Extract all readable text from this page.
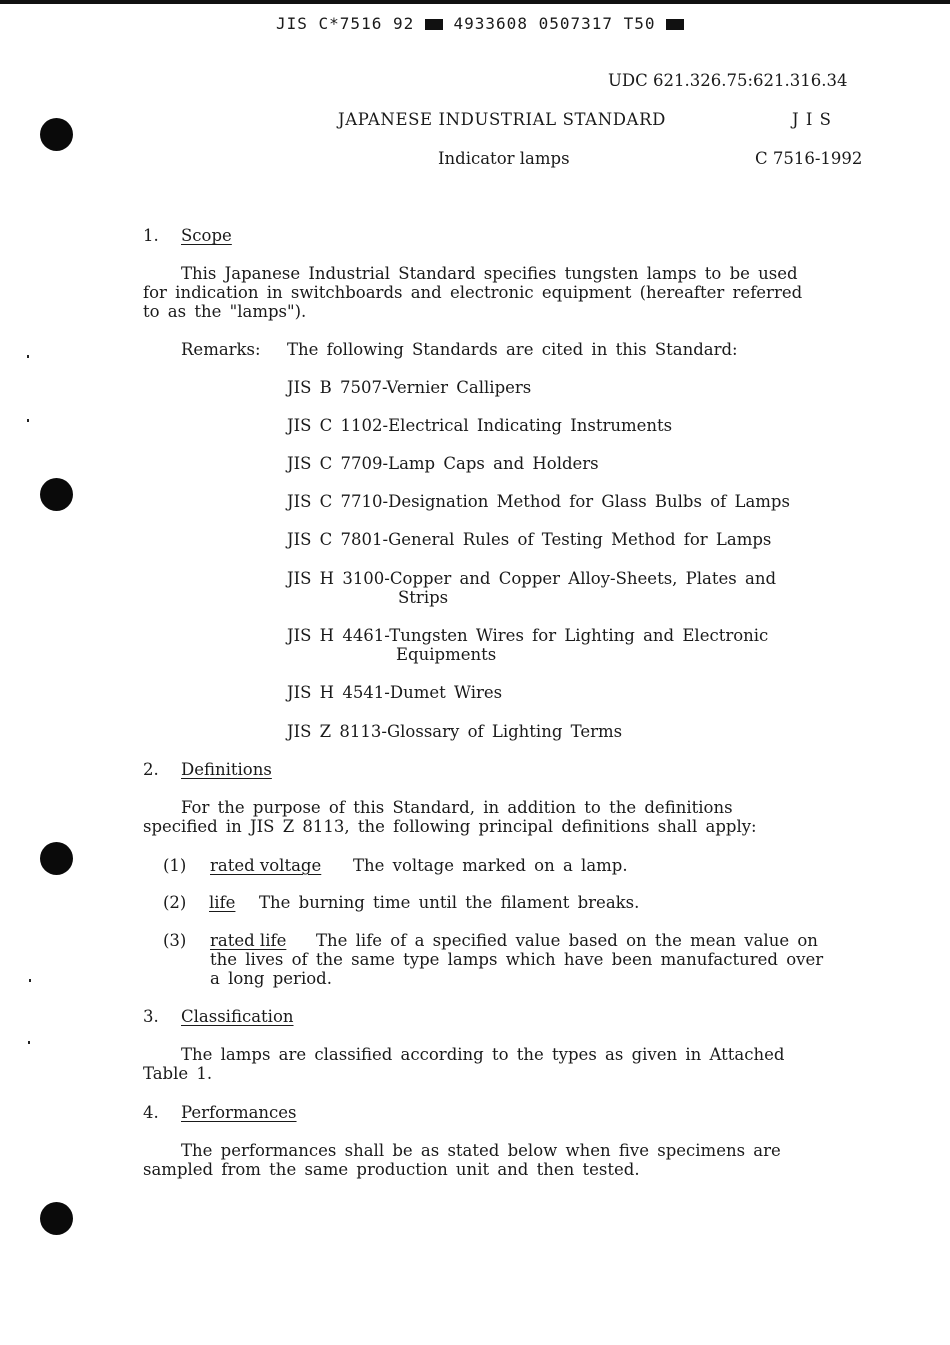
JIS C*7516 92 4933608 0507317 T50
UDC 621.326.75:621.316.34
JAPANESE INDUSTRIAL STANDARD	J I S
Indicator lamps	C 7516-1992
1. Scope
This Japanese Industrial Standard specifies tungsten lamps to be used
for indication in switchboards and electronic equipment (hereafter referred
to as the "lamps").
Remarks: The following Standards are cited in this Standard:
JIS B 7507-Vernier Callipers
JIS C 1102-Electrical Indicating Instruments
JIS C 7709-Lamp Caps and Holders
JIS C 7710-Designation Method for Glass Bulbs of Lamps
JIS C 7801-General Rules of Testing Method for Lamps
JIS H 3100-Copper and Copper Alloy-Sheets, Plates and
Strips
JIS H 4461-Tungsten Wires for Lighting and Electronic
Equipments
JIS H 4541-Dumet Wires
JIS Z 8113-Glossary of Lighting Terms
2. Definitions
For the purpose of this Standard, in addition to the definitions
specified in JIS Z 8113, the following principal definitions shall apply:
(1) rated voltage The voltage marked on a lamp.
(2) life The burning time until the filament breaks.
(3) rated life The life of a specified value based on the mean value on
the lives of the same type lamps which have been manufactured over
a long period.
3. Classification
The lamps are classified according to the types as given in Attached
Table 1.
4. Performances
The performances shall be as stated below when five specimens are
sampled from the same production unit and then tested.
